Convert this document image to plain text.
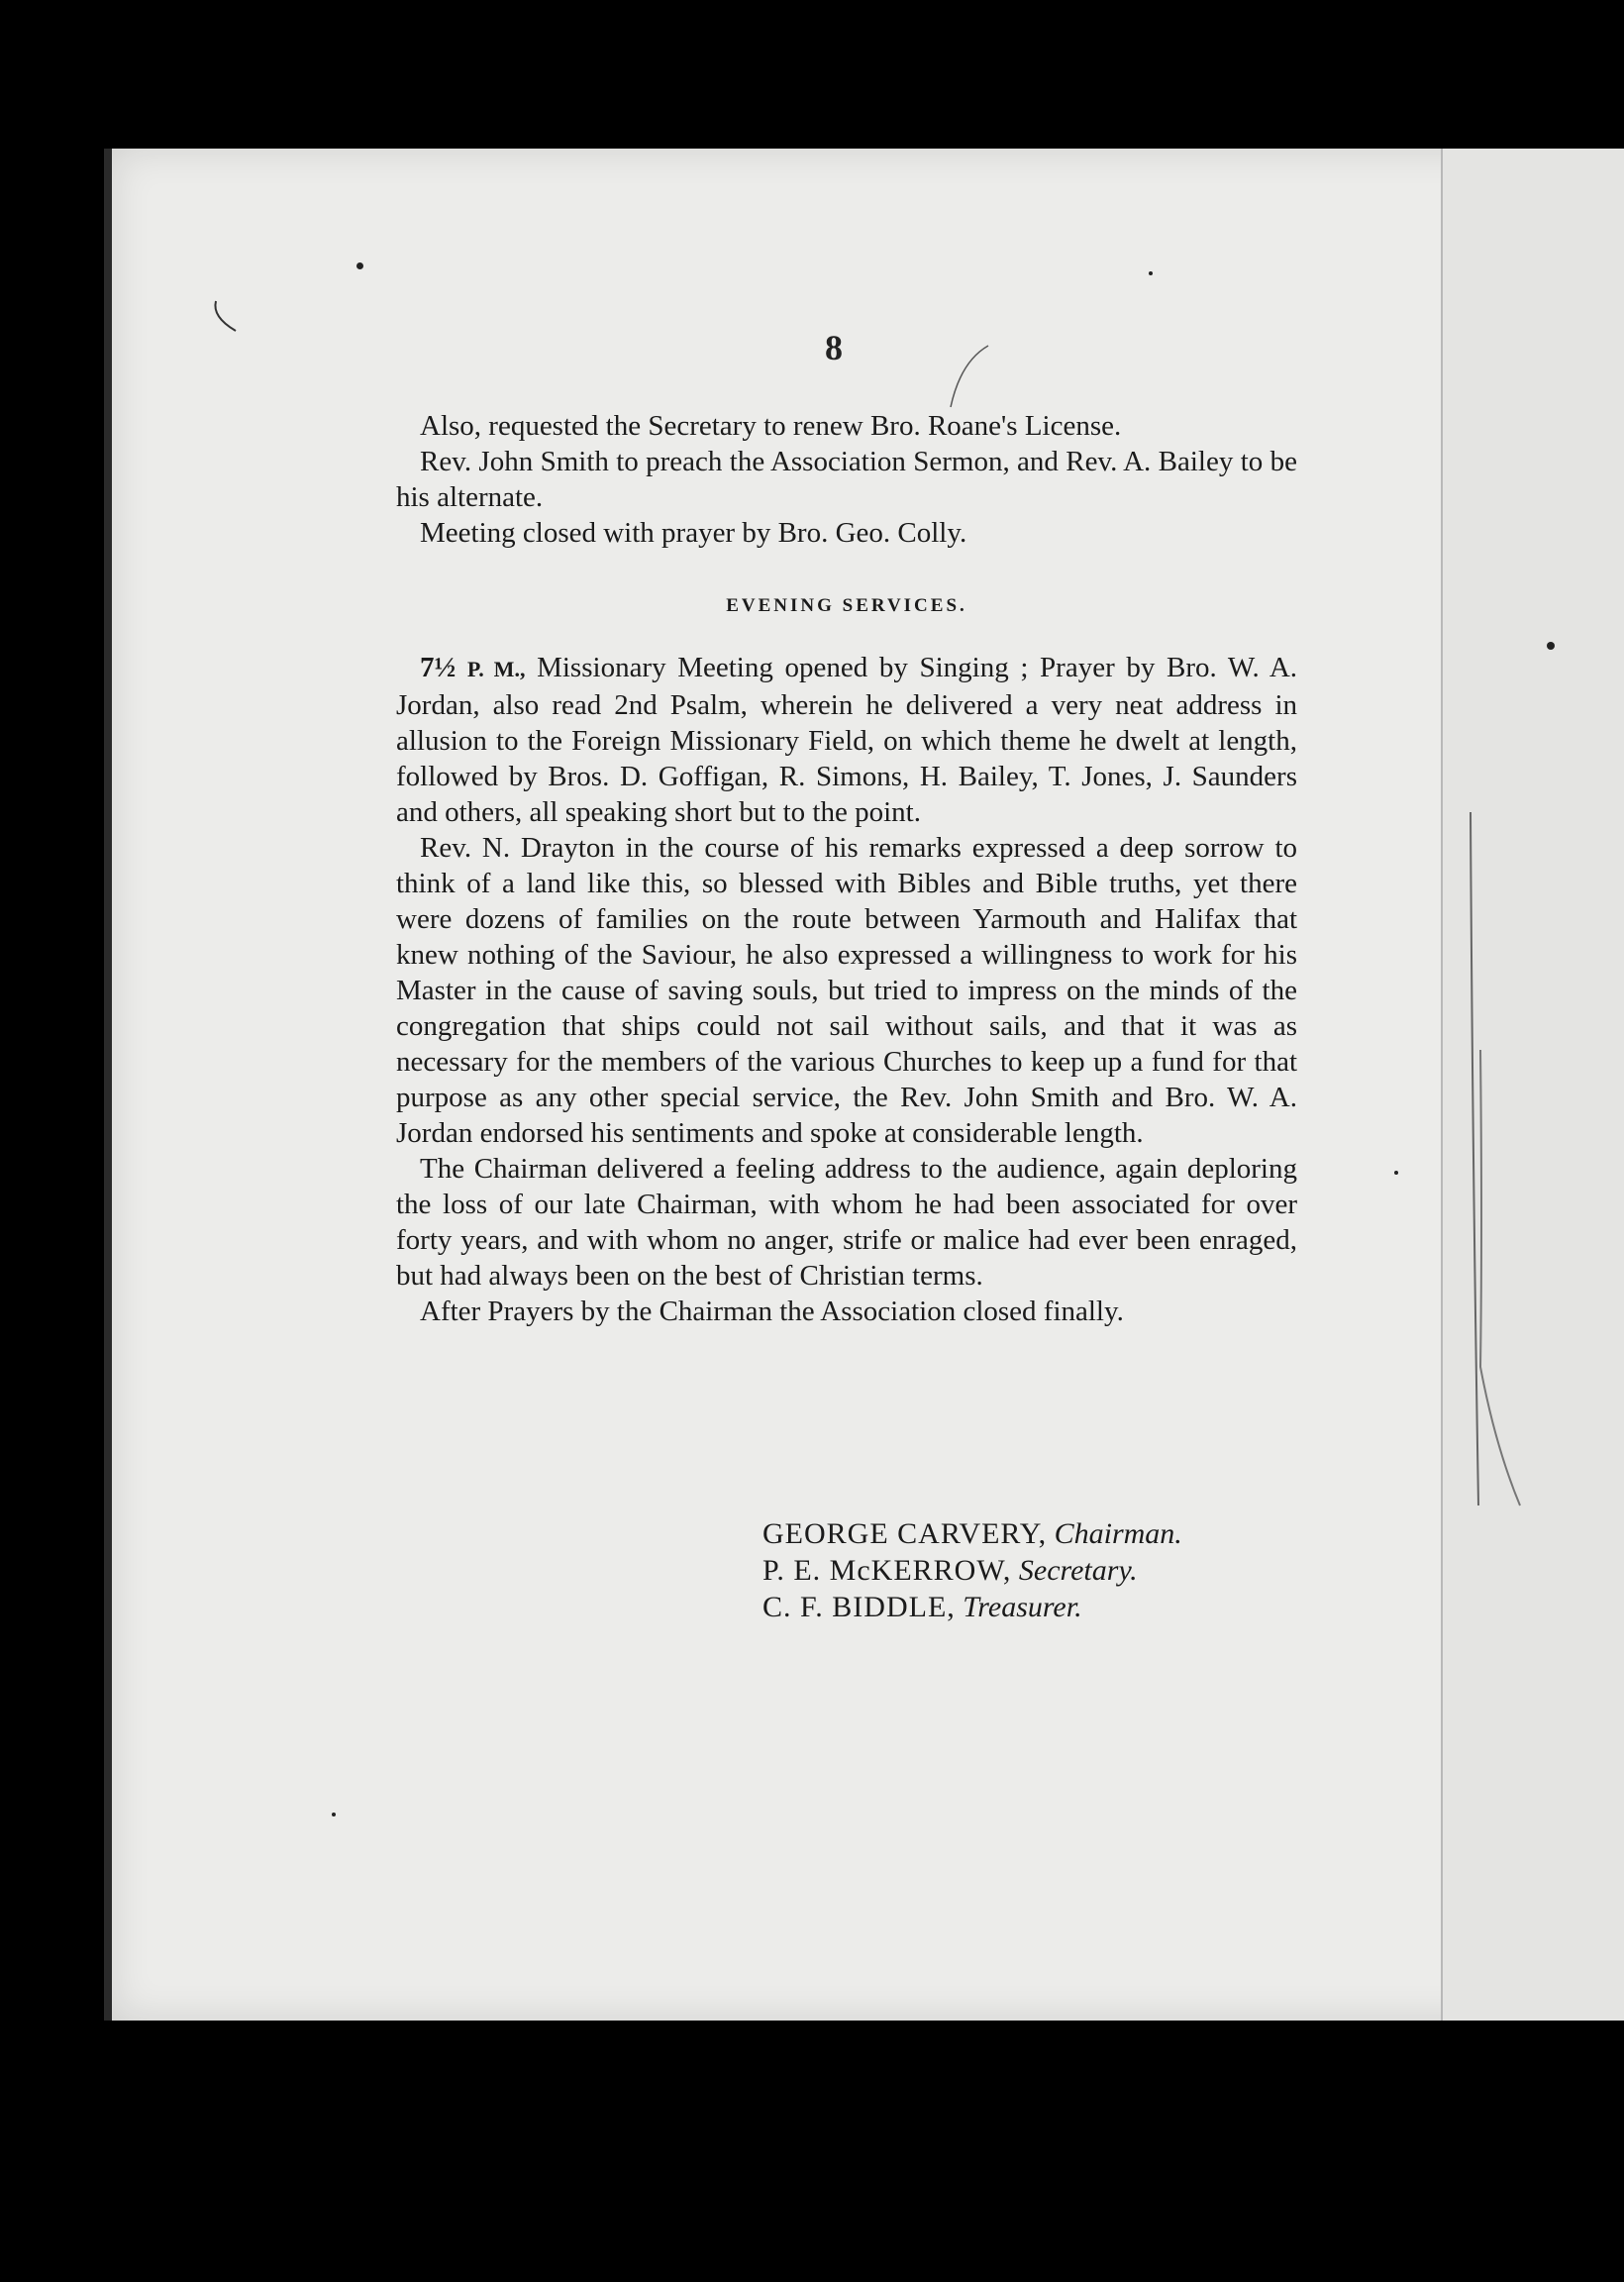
8

Also, requested the Secretary to renew Bro. Roane's License.

Rev. John Smith to preach the Association Sermon, and Rev. A. Bailey to be his alternate.

Meeting closed with prayer by Bro. Geo. Colly.

EVENING SERVICES.

7½ P. M., Missionary Meeting opened by Singing ; Prayer by Bro. W. A. Jordan, also read 2nd Psalm, wherein he delivered a very neat address in allusion to the Foreign Missionary Field, on which theme he dwelt at length, followed by Bros. D. Goffigan, R. Simons, H. Bailey, T. Jones, J. Saunders and others, all speaking short but to the point.

Rev. N. Drayton in the course of his remarks expressed a deep sorrow to think of a land like this, so blessed with Bibles and Bible truths, yet there were dozens of families on the route between Yarmouth and Halifax that knew nothing of the Saviour, he also expressed a willingness to work for his Master in the cause of saving souls, but tried to impress on the minds of the congregation that ships could not sail without sails, and that it was as necessary for the members of the various Churches to keep up a fund for that purpose as any other special service, the Rev. John Smith and Bro. W. A. Jordan endorsed his sentiments and spoke at considerable length.

The Chairman delivered a feeling address to the audience, again deploring the loss of our late Chairman, with whom he had been associated for over forty years, and with whom no anger, strife or malice had ever been enraged, but had always been on the best of Christian terms.

After Prayers by the Chairman the Association closed finally.

GEORGE CARVERY, Chairman.
P. E. McKERROW, Secretary.
C. F. BIDDLE, Treasurer.
